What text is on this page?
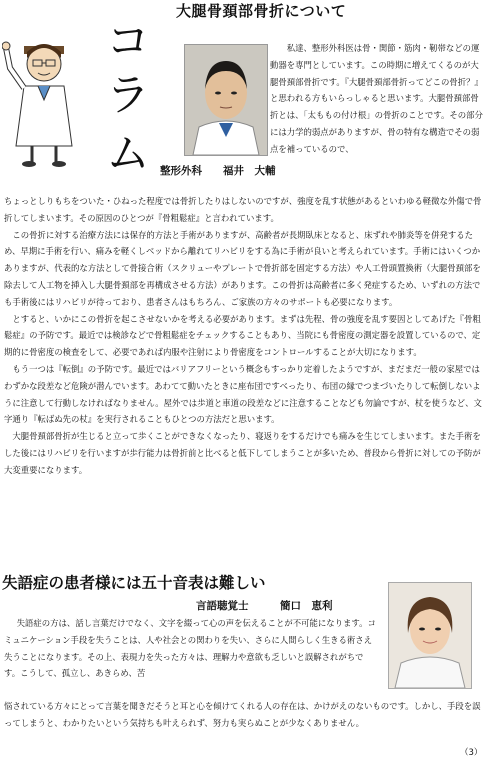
大腿骨頚部骨折について
コ
ラ
ム 整形外科　　福井　大輔

私達、整形外科医は骨・関節・筋肉・靭帯などの運動器を専門としています。この時期に増えてくるのが大腿骨頚部骨折です。『大腿骨頚部骨折ってどこの骨折？』と思われる方もいらっしゃると思います。大腿骨頚部骨折とは、「太ももの付け根」の骨折のことです。その部分には力学的弱点がありますが、骨の特有な構造でその弱点を補っているので、

ちょっとしりもちをついた・ひねった程度では骨折したりはしないのですが、強度を乱す状態があるといわゆる軽微な外傷で骨折してしまいます。その原因のひとつが『骨粗鬆症』と言われています。

　この骨折に対する治療方法には保存的方法と手術がありますが、高齢者が長期臥床となると、床ずれや肺炎等を併発するため、早期に手術を行い、痛みを軽くしベッドから離れてリハビリをする為に手術が良いと考えられています。手術にはいくつかありますが、代表的な方法として骨接合術（スクリューやプレートで骨折部を固定する方法）や人工骨頭置換術（大腿骨頚部を除去して人工物を挿入し大腿骨頚部を再構成させる方法）があります。この骨折は高齢者に多く発症するため、いずれの方法でも手術後にはリハビリが待っており、患者さんはもちろん、ご家族の方々のサポートも必要になります。

　とすると、いかにこの骨折を起こさせないかを考える必要があります。まずは先程、骨の強度を乱す要因としてあげた『骨粗鬆症』の予防です。最近では検診などで骨粗鬆症をチェックすることもあり、当院にも骨密度の測定器を設置しているので、定期的に骨密度の検査をして、必要であれば内服や注射により骨密度をコントロールすることが大切になります。

　もう一つは『転倒』の予防です。最近ではバリアフリーという概念もすっかり定着したようですが、まだまだ一般の家屋ではわずかな段差など危険が潜んでいます。あわてて動いたときに座布団ですべったり、布団の縁でつまづいたりして転倒しないように注意して行動しなければなりません。屋外では歩道と車道の段差などに注意することなども勿論ですが、杖を使うなど、文字通り『転ばぬ先の杖』を実行されることもひとつの方法だと思います。

　大腿骨頚部骨折が生じると立って歩くことができなくなったり、寝返りをするだけでも痛みを生じてしまいます。また手術をした後にはリハビリを行いますが歩行能力は骨折前と比べると低下してしまうことが多いため、普段から骨折に対しての予防が大変重要になります。

失語症の患者様には五十音表は難しい
言語聴覚士　　　簡口　恵利

失語症の方は、話し言葉だけでなく、文字を綴って心の声を伝えることが不可能になります。コミュニケーション手段を失うことは、人や社会との関わりを失い、さらに人間らしく生きる術さえ失うことになります。その上、表現力を失った方々は、理解力や意欲も乏しいと誤解されがちです。こうして、孤立し、あきらめ、苦

悩されている方々にとって言葉を聞きだそうと耳と心を傾けてくれる人の存在は、かけがえのないものです。しかし、手段を誤ってしまうと、わかりたいという気持ちも叶えられず、努力も実らぬことが少なくありません。

（3）
